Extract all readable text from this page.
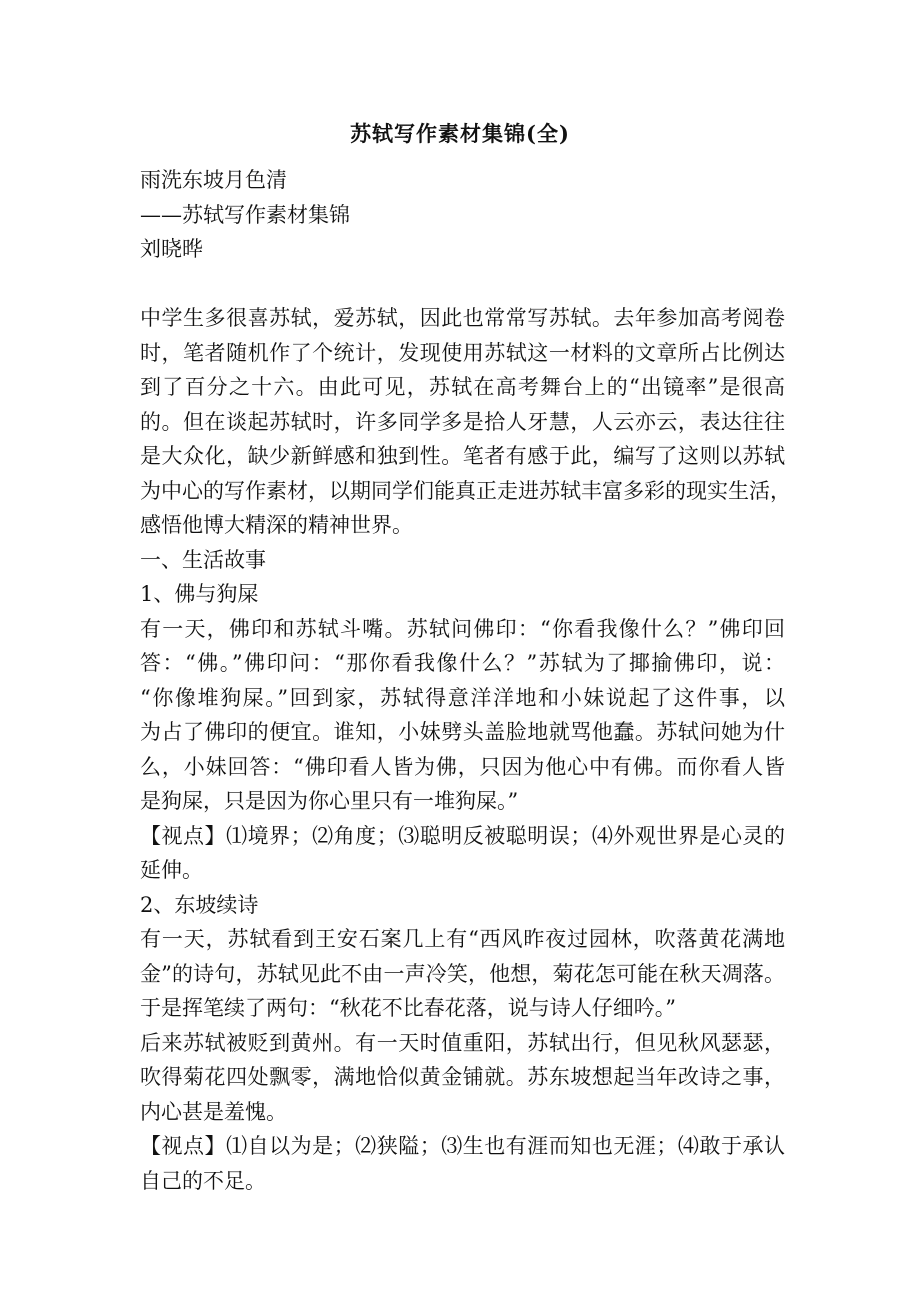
苏轼写作素材集锦(全)
雨洗东坡月色清
——苏轼写作素材集锦
刘晓晔
中学生多很喜苏轼，爱苏轼，因此也常常写苏轼。去年参加高考阅卷
时，笔者随机作了个统计，发现使用苏轼这一材料的文章所占比例达
到了百分之十六。由此可见，苏轼在高考舞台上的“出镜率”是很高
的。但在谈起苏轼时，许多同学多是拾人牙慧，人云亦云，表达往往
是大众化，缺少新鲜感和独到性。笔者有感于此，编写了这则以苏轼
为中心的写作素材，以期同学们能真正走进苏轼丰富多彩的现实生活，
感悟他博大精深的精神世界。
一、生活故事
1、佛与狗屎
有一天，佛印和苏轼斗嘴。苏轼问佛印：“你看我像什么？”佛印回
答：“佛。”佛印问：“那你看我像什么？”苏轼为了揶揄佛印，说：
“你像堆狗屎。”回到家，苏轼得意洋洋地和小妹说起了这件事，以
为占了佛印的便宜。谁知，小妹劈头盖脸地就骂他蠢。苏轼问她为什
么，小妹回答：“佛印看人皆为佛，只因为他心中有佛。而你看人皆
是狗屎，只是因为你心里只有一堆狗屎。”
【视点】⑴境界；⑵角度；⑶聪明反被聪明误；⑷外观世界是心灵的
延伸。
2、东坡续诗
有一天，苏轼看到王安石案几上有“西风昨夜过园林，吹落黄花满地
金”的诗句，苏轼见此不由一声冷笑，他想，菊花怎可能在秋天凋落。
于是挥笔续了两句：“秋花不比春花落，说与诗人仔细吟。”
后来苏轼被贬到黄州。有一天时值重阳，苏轼出行，但见秋风瑟瑟，
吹得菊花四处飘零，满地恰似黄金铺就。苏东坡想起当年改诗之事，
内心甚是羞愧。
【视点】⑴自以为是；⑵狭隘；⑶生也有涯而知也无涯；⑷敢于承认
自己的不足。
